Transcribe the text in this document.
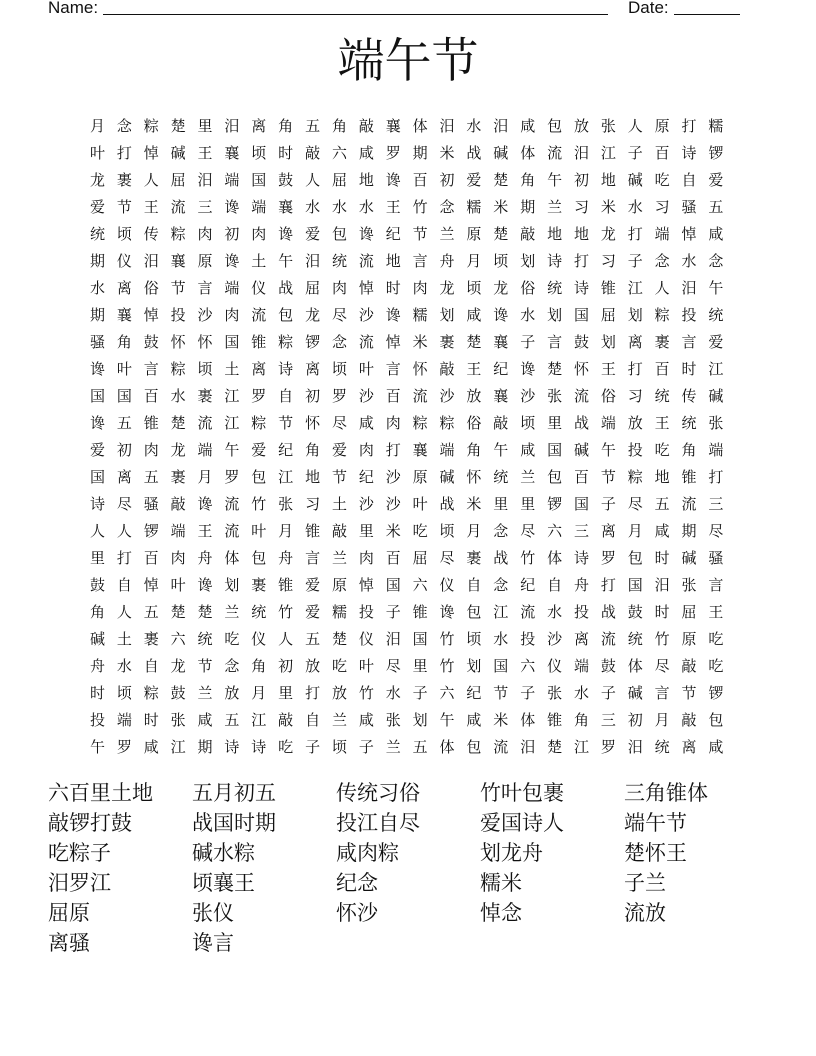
Name:	Date:
端午节
月 念 粽 楚 里 汨 离 角 五 角 敲 襄 体 汨 水 汨 咸 包 放 张 人 原 打 糯
叶 打 悼 碱 王 襄 顷 时 敲 六 咸 罗 期 米 战 碱 体 流 汨 江 子 百 诗 锣
龙 裹 人 屈 汨 端 国 鼓 人 屈 地 谗 百 初 爱 楚 角 午 初 地 碱 吃 自 爱
爱 节 王 流 三 谗 端 襄 水 水 水 王 竹 念 糯 米 期 兰 习 米 水 习 骚 五
统 顷 传 粽 肉 初 肉 谗 爱 包 谗 纪 节 兰 原 楚 敲 地 地 龙 打 端 悼 咸
期 仪 汨 襄 原 谗 土 午 汨 统 流 地 言 舟 月 顷 划 诗 打 习 子 念 水 念
水 离 俗 节 言 端 仪 战 屈 肉 悼 时 肉 龙 顷 龙 俗 统 诗 锥 江 人 汨 午
期 襄 悼 投 沙 肉 流 包 龙 尽 沙 谗 糯 划 咸 谗 水 划 国 屈 划 粽 投 统
骚 角 鼓 怀 怀 国 锥 粽 锣 念 流 悼 米 裹 楚 襄 子 言 鼓 划 离 裹 言 爱
谗 叶 言 粽 顷 土 离 诗 离 顷 叶 言 怀 敲 王 纪 谗 楚 怀 王 打 百 时 江
国 国 百 水 裹 江 罗 自 初 罗 沙 百 流 沙 放 襄 沙 张 流 俗 习 统 传 碱
谗 五 锥 楚 流 江 粽 节 怀 尽 咸 肉 粽 粽 俗 敲 顷 里 战 端 放 王 统 张
爱 初 肉 龙 端 午 爱 纪 角 爱 肉 打 襄 端 角 午 咸 国 碱 午 投 吃 角 端
国 离 五 裹 月 罗 包 江 地 节 纪 沙 原 碱 怀 统 兰 包 百 节 粽 地 锥 打
诗 尽 骚 敲 谗 流 竹 张 习 土 沙 沙 叶 战 米 里 里 锣 国 子 尽 五 流 三
人 人 锣 端 王 流 叶 月 锥 敲 里 米 吃 顷 月 念 尽 六 三 离 月 咸 期 尽
里 打 百 肉 舟 体 包 舟 言 兰 肉 百 屈 尽 裹 战 竹 体 诗 罗 包 时 碱 骚
鼓 自 悼 叶 谗 划 裹 锥 爱 原 悼 国 六 仪 自 念 纪 自 舟 打 国 汨 张 言
角 人 五 楚 楚 兰 统 竹 爱 糯 投 子 锥 谗 包 江 流 水 投 战 鼓 时 屈 王
碱 土 裹 六 统 吃 仪 人 五 楚 仪 汨 国 竹 顷 水 投 沙 离 流 统 竹 原 吃
舟 水 自 龙 节 念 角 初 放 吃 叶 尽 里 竹 划 国 六 仪 端 鼓 体 尽 敲 吃
时 顷 粽 鼓 兰 放 月 里 打 放 竹 水 子 六 纪 节 子 张 水 子 碱 言 节 锣
投 端 时 张 咸 五 江 敲 自 兰 咸 张 划 午 咸 米 体 锥 角 三 初 月 敲 包
午 罗 咸 江 期 诗 诗 吃 子 顷 子 兰 五 体 包 流 汨 楚 江 罗 汨 统 离 咸
六百里土地	五月初五	传统习俗	竹叶包裹	三角锥体
敲锣打鼓	战国时期	投江自尽	爱国诗人	端午节
吃粽子	碱水粽	咸肉粽	划龙舟	楚怀王
汨罗江	顷襄王	纪念	糯米	子兰
屈原	张仪	怀沙	悼念	流放
离骚	谗言
